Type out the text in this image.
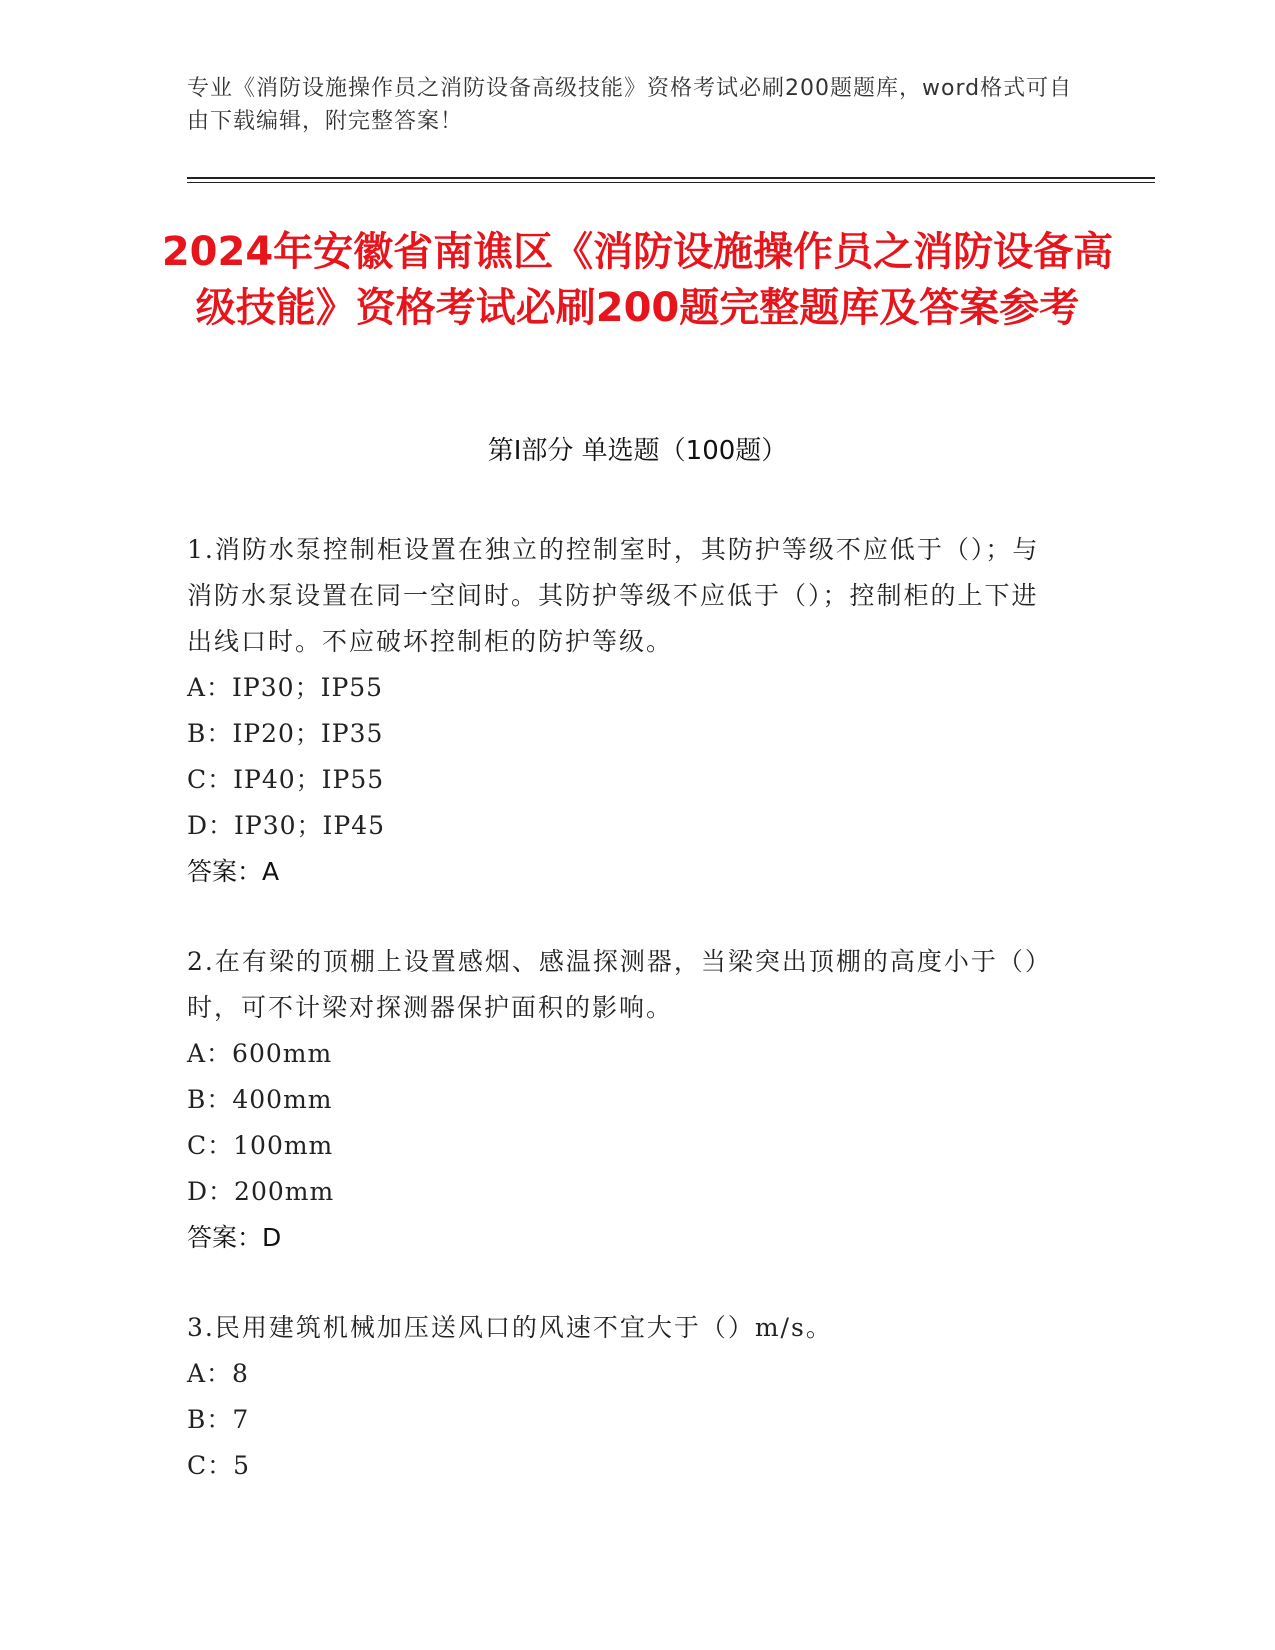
专业《消防设施操作员之消防设备高级技能》资格考试必刷200题题库，word格式可自由下载编辑，附完整答案！
2024年安徽省南谯区《消防设施操作员之消防设备高级技能》资格考试必刷200题完整题库及答案参考
第Ⅰ部分 单选题（100题）
1.消防水泵控制柜设置在独立的控制室时，其防护等级不应低于（）；与消防水泵设置在同一空间时。其防护等级不应低于（）；控制柜的上下进出线口时。不应破坏控制柜的防护等级。
A：IP30；IP55
B：IP20；IP35
C：IP40；IP55
D：IP30；IP45
答案：A
2.在有梁的顶棚上设置感烟、感温探测器，当梁突出顶棚的高度小于（）时，可不计梁对探测器保护面积的影响。
A：600mm
B：400mm
C：100mm
D：200mm
答案：D
3.民用建筑机械加压送风口的风速不宜大于（）m/s。
A：8
B：7
C：5
